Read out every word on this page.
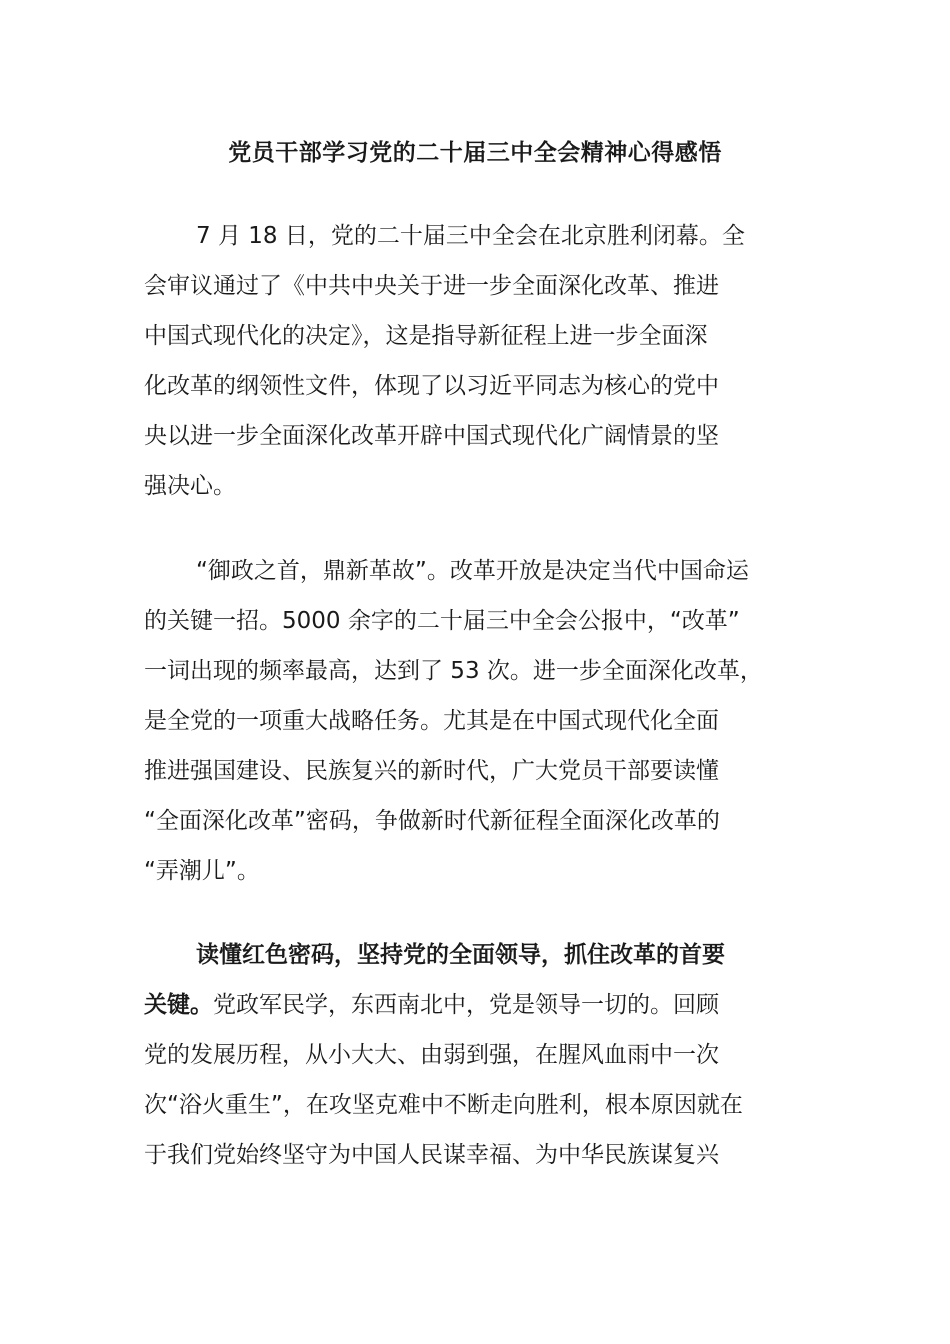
党员干部学习党的二十届三中全会精神心得感悟
7 月 18 日，党的二十届三中全会在北京胜利闭幕。全
会审议通过了《中共中央关于进一步全面深化改革、推进
中国式现代化的决定》，这是指导新征程上进一步全面深
化改革的纲领性文件，体现了以习近平同志为核心的党中
央以进一步全面深化改革开辟中国式现代化广阔情景的坚
强决心。
“御政之首，鼎新革故”。改革开放是决定当代中国命运
的关键一招。5000 余字的二十届三中全会公报中，“改革”
一词出现的频率最高，达到了 53 次。进一步全面深化改革，
是全党的一项重大战略任务。尤其是在中国式现代化全面
推进强国建设、民族复兴的新时代，广大党员干部要读懂
“全面深化改革”密码，争做新时代新征程全面深化改革的
“弄潮儿”。
读懂红色密码，坚持党的全面领导，抓住改革的首要
关键。党政军民学，东西南北中，党是领导一切的。回顾
党的发展历程，从小大大、由弱到强，在腥风血雨中一次
次“浴火重生”，在攻坚克难中不断走向胜利，根本原因就在
于我们党始终坚守为中国人民谋幸福、为中华民族谋复兴
